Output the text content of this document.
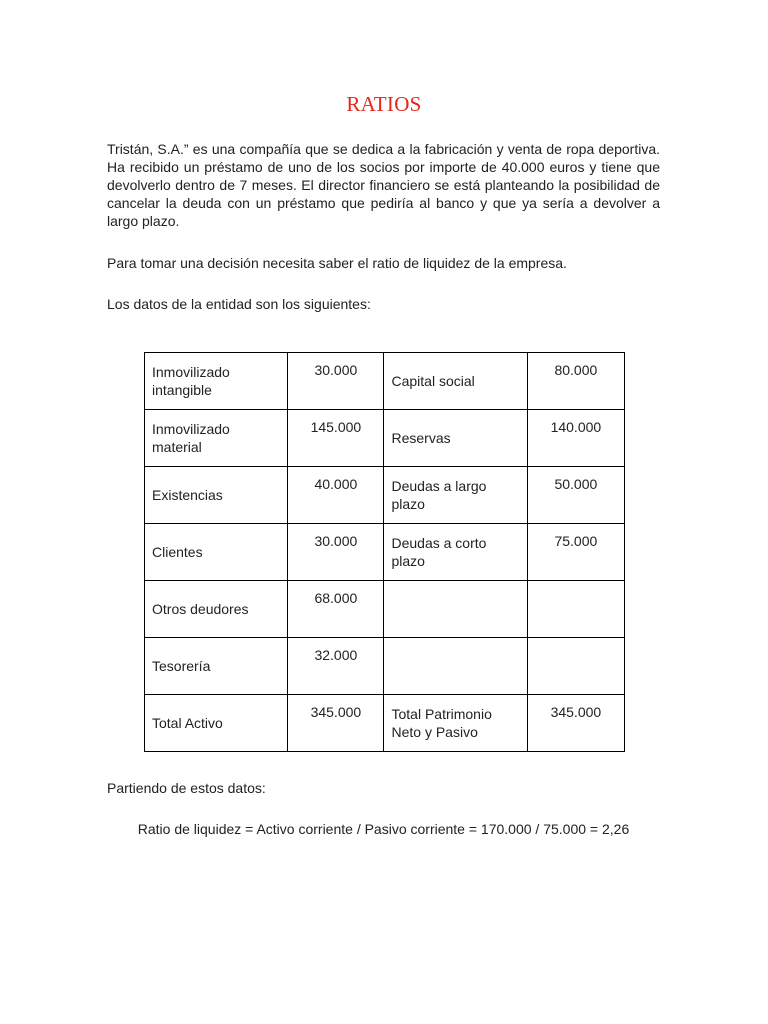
RATIOS
Tristán, S.A.” es una compañía que se dedica a la fabricación y venta de ropa deportiva. Ha recibido un préstamo de uno de los socios por importe de 40.000 euros y tiene que devolverlo dentro de 7 meses. El director financiero se está planteando la posibilidad de cancelar la deuda con un préstamo que pediría al banco y que ya sería a devolver a largo plazo.
Para tomar una decisión necesita saber el ratio de liquidez de la empresa.
Los datos de la entidad son los siguientes:
Inmovilizado intangible	30.000	Capital social	80.000
Inmovilizado material	145.000	Reservas	140.000
Existencias	40.000	Deudas a largo plazo	50.000
Clientes	30.000	Deudas a corto plazo	75.000
Otros deudores	68.000		
Tesorería	32.000		
Total Activo	345.000	Total Patrimonio Neto y Pasivo	345.000
Partiendo de estos datos:
Ratio de liquidez = Activo corriente / Pasivo corriente = 170.000 / 75.000 = 2,26
